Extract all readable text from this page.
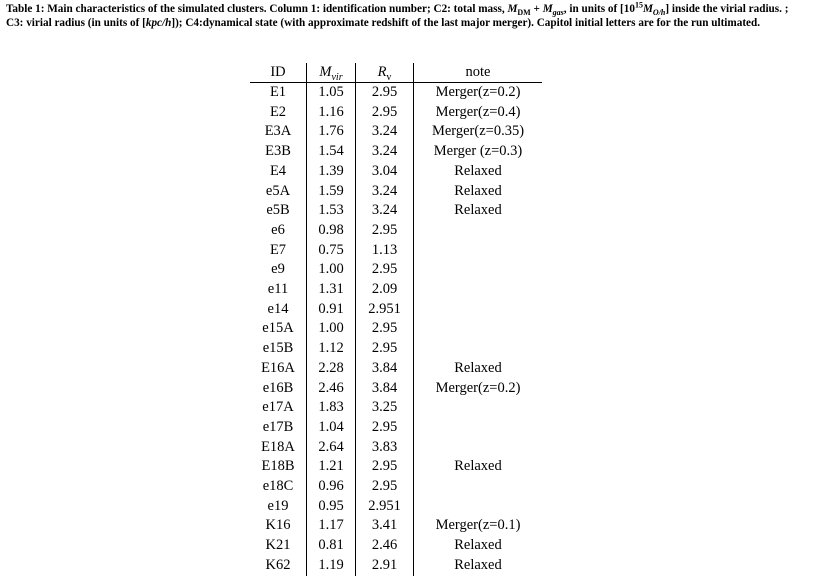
Table 1: Main characteristics of the simulated clusters. Column 1: identification number; C2: total mass, $M_{DM} + M_{gas}$, in units of $[10^{15}M_{O/h}]$ inside the virial radius. ; C3: virial radius (in units of [kpc/h]); C4:dynamical state (with approximate redshift of the last major merger). Capitol initial letters are for the run ultimated.
ID	$M_{vir}$	$R_v$	note
E1	1.05	2.95	Merger(z=0.2)
E2	1.16	2.95	Merger(z=0.4)
E3A	1.76	3.24	Merger(z=0.35)
E3B	1.54	3.24	Merger (z=0.3)
E4	1.39	3.04	Relaxed
e5A	1.59	3.24	Relaxed
e5B	1.53	3.24	Relaxed
e6	0.98	2.95	
E7	0.75	1.13	
e9	1.00	2.95	
e11	1.31	2.09	
e14	0.91	2.951	
e15A	1.00	2.95	
e15B	1.12	2.95	
E16A	2.28	3.84	Relaxed
e16B	2.46	3.84	Merger(z=0.2)
e17A	1.83	3.25	
e17B	1.04	2.95	
E18A	2.64	3.83	
E18B	1.21	2.95	Relaxed
e18C	0.96	2.95	
e19	0.95	2.951	
K16	1.17	3.41	Merger(z=0.1)
K21	0.81	2.46	Relaxed
K62	1.19	2.91	Relaxed
